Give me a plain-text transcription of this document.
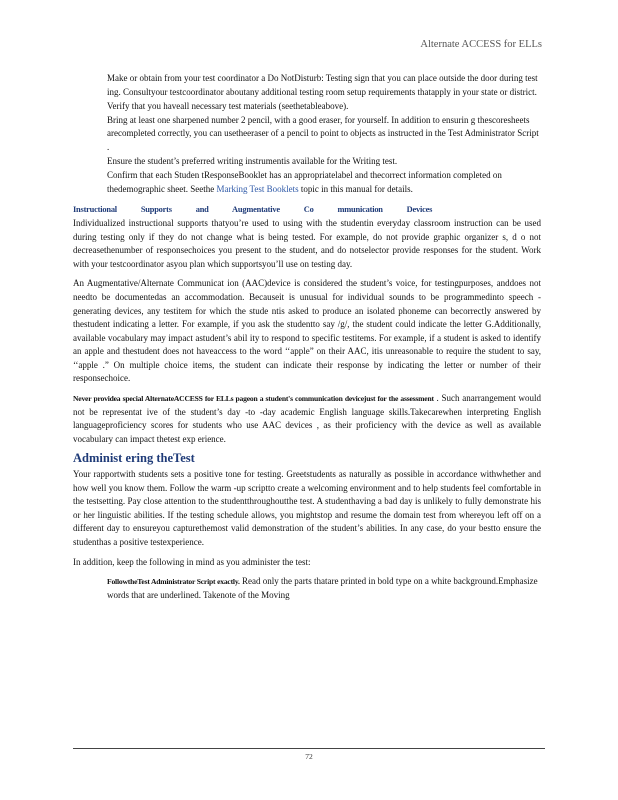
Alternate ACCESS for ELLs
Make or obtain from your test coordinator a Do NotDisturb: Testing sign that you can place outside the door during test ing. Consultyour testcoordinator aboutany additional testing room setup requirements thatapply in your state or district.
Verify that you haveall necessary test materials (seethetableabove).
Bring at least one sharpened number 2 pencil, with a good eraser, for yourself. In addition to ensurin g thescoresheets arecompleted correctly, you can usetheeraser of a pencil to point to objects as instructed in the Test Administrator Script .
Ensure the student’s preferred writing instrumentis available for the Writing test.
Confirm that each Studen tResponseBooklet has an appropriatelabel and thecorrect information completed on thedemographic sheet. Seethe Marking Test Booklets topic in this manual for details.
Instructional Supports and Augmentative Co mmunication Devices

Individualized instructional supports thatyou’re used to using with the studentin everyday classroom instruction can be used during testing only if they do not change what is being tested. For example, do not provide graphic organizer s, d o not decreasethenumber of responsechoices you present to the student, and do notselector provide responses for the student. Work with your testcoordinator asyou plan which supportsyou’ll use on testing day.

An Augmentative/Alternate Communicat ion (AAC)device is considered the student’s voice, for testingpurposes, anddoes not needto be documentedas an accommodation. Becauseit is unusual for individual sounds to be programmedinto speech - generating devices, any testitem for which the stude ntis asked to produce an isolated phoneme can becorrectly answered by thestudent indicating a letter. For example, if you ask the studentto say /g/, the student could indicate the letter G.Additionally, available vocabulary may impact astudent’s abil ity to respond to specific testitems. For example, if a student is asked to identify an apple and thestudent does not haveaccess to the word ‘‘apple” on their AAC, itis unreasonable to require the student to say, ‘‘apple .” On multiple choice items, the student can indicate their response by indicating the letter or number of their responsechoice.

Never providea special AlternateACCESS for ELLs pageon a student's communication devicejust for the assessment . Such anarrangement would not be representat ive of the student’s day -to -day academic English language skills.Takecarewhen interpreting English languageproficiency scores for students who use AAC devices , as their proficiency with the device as well as available vocabulary can impact thetest exp erience.

Administ ering theTest

Your rapportwith students sets a positive tone for testing. Greetstudents as naturally as possible in accordance withwhether and how well you know them. Follow the warm -up scriptto create a welcoming environment and to help students feel comfortable in the testsetting. Pay close attention to the studentthroughoutthe test. A studenthaving a bad day is unlikely to fully demonstrate his or her linguistic abilities. If the testing schedule allows, you mightstop and resume the domain test from whereyou left off on a different day to ensureyou capturethemost valid demonstration of the student’s abilities. In any case, do your bestto ensure the studenthas a positive testexperience.

In addition, keep the following in mind as you administer the test:

FollowtheTest Administrator Script exactly. Read only the parts thatare printed in bold type on a white background.Emphasize words that are underlined. Takenote of the Moving
72
